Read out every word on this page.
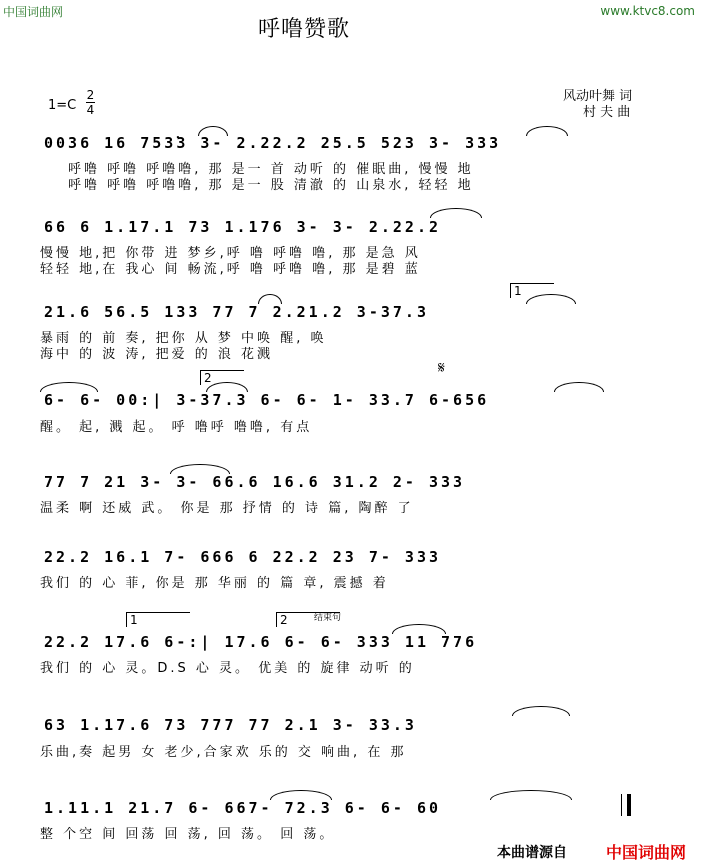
中国词曲网	www.ktvc8.com
呼噜赞歌
风动叶舞 词
村 夫 曲
1=C
2
4
0036 16 753̇3 3- 2.22.2 25.5 523 3- 333
呼噜 呼噜 呼噜噜, 那 是一 首 动听 的 催眠曲, 慢慢 地
呼噜 呼噜 呼噜噜, 那 是一 股 清澈 的 山泉水, 轻轻 地
66 6 1.17.1 73 1.176 3- 3- 2.22.2
慢慢 地,把 你带 进 梦乡,呼 噜 呼噜 噜, 那 是急 风
轻轻 地,在 我心 间 畅流,呼 噜 呼噜 噜, 那 是碧 蓝
1
21.6 56.5 133 77 7 2.21.2 3-37.3
暴雨 的 前 奏, 把你 从 梦 中唤 醒, 唤
海中 的 波 涛, 把爱 的 浪 花溅
𝄋
2
6- 6- 00:| 3-37.3 6- 6- 1- 33.7 6-656
醒。 起, 溅 起。 呼 噜呼 噜噜, 有点
77 7 21 3- 3- 66.6 16.6 31.2 2- 333
温柔 啊 还威 武。 你是 那 抒情 的 诗 篇, 陶醉 了
22.2 16.1 7- 666 6 22.2 23 7- 333
我们 的 心 菲, 你是 那 华丽 的 篇 章, 震撼 着
1	2	结束句
22.2 17.6 6-:| 17.6 6- 6- 333 11 776
我们 的 心 灵。D.S 心 灵。 优美 的 旋律 动听 的
63 1.17.6 73 777 77 2.1 3- 33.3
乐曲,奏 起男 女 老少,合家欢 乐的 交 响曲, 在 那
1.11.1 21.7 6- 667- 72.3 6- 6- 60
整 个空 间 回荡 回 荡, 回 荡。 回 荡。
本曲谱源自 中国词曲网
